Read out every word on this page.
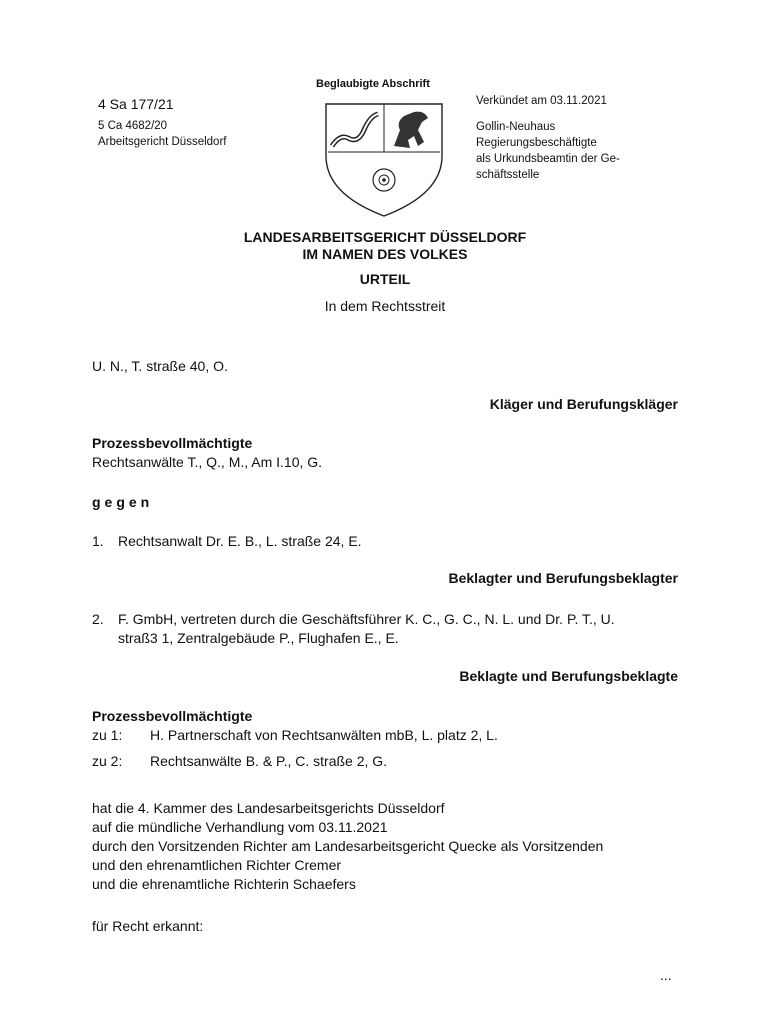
Beglaubigte Abschrift
4 Sa 177/21
5 Ca 4682/20
Arbeitsgericht Düsseldorf
Verkündet am 03.11.2021
Gollin-Neuhaus
Regierungsbeschäftigte
als Urkundsbeamtin der Ge-
schäftsstelle
LANDESARBEITSGERICHT DÜSSELDORF
IM NAMEN DES VOLKES
URTEIL
In dem Rechtsstreit
U. N., T. straße 40, O.
Kläger und Berufungskläger
Prozessbevollmächtigte
Rechtsanwälte T., Q., M., Am I.10, G.
gegen
1. Rechtsanwalt Dr. E. B., L. straße 24, E.
Beklagter und Berufungsbeklagter
2. F. GmbH, vertreten durch die Geschäftsführer K. C., G. C., N. L. und Dr. P. T., U.
straß3 1, Zentralgebäude P., Flughafen E., E.
Beklagte und Berufungsbeklagte
Prozessbevollmächtigte
zu 1: H. Partnerschaft von Rechtsanwälten mbB, L. platz 2, L.
zu 2: Rechtsanwälte B. & P., C. straße 2, G.
hat die 4. Kammer des Landesarbeitsgerichts Düsseldorf
auf die mündliche Verhandlung vom 03.11.2021
durch den Vorsitzenden Richter am Landesarbeitsgericht Quecke als Vorsitzenden
und den ehrenamtlichen Richter Cremer
und die ehrenamtliche Richterin Schaefers
für Recht erkannt:
...
